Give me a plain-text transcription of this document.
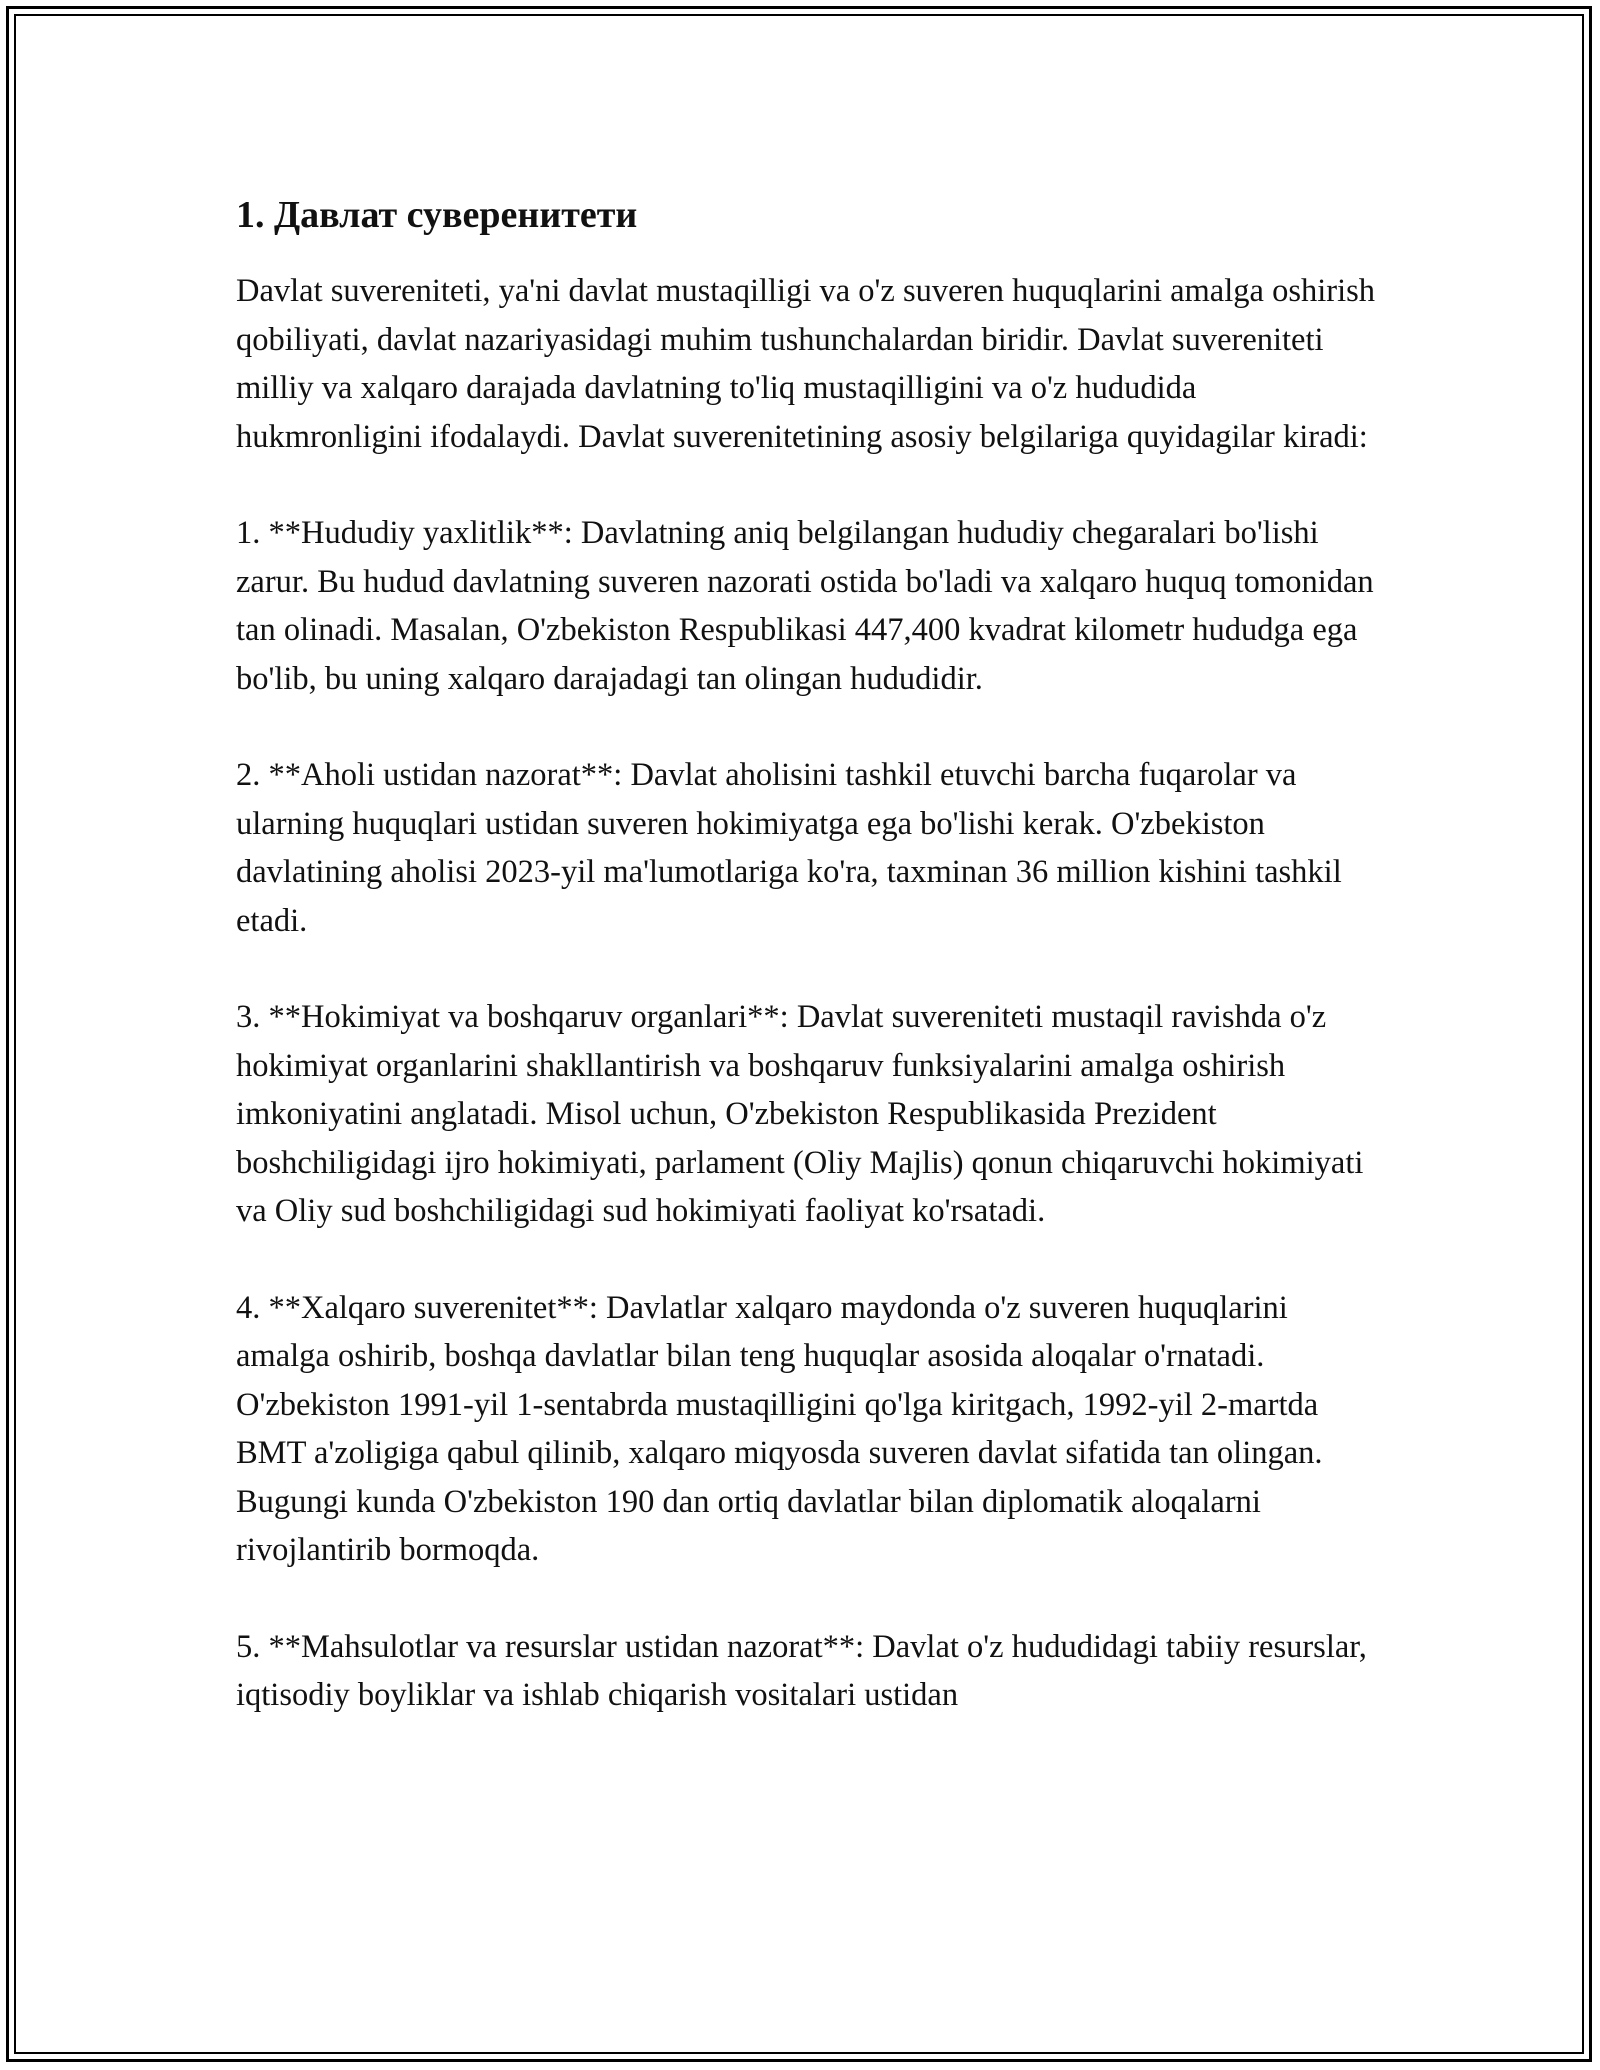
1. Давлат суверенитети

Davlat suvereniteti, ya'ni davlat mustaqilligi va o'z suveren huquqlarini amalga oshirish qobiliyati, davlat nazariyasidagi muhim tushunchalardan biridir. Davlat suvereniteti milliy va xalqaro darajada davlatning to'liq mustaqilligini va o'z hududida hukmronligini ifodalaydi. Davlat suverenitetining asosiy belgilariga quyidagilar kiradi:

1. **Hududiy yaxlitlik**: Davlatning aniq belgilangan hududiy chegaralari bo'lishi zarur. Bu hudud davlatning suveren nazorati ostida bo'ladi va xalqaro huquq tomonidan tan olinadi. Masalan, O'zbekiston Respublikasi 447,400 kvadrat kilometr hududga ega bo'lib, bu uning xalqaro darajadagi tan olingan hududidir.

2. **Aholi ustidan nazorat**: Davlat aholisini tashkil etuvchi barcha fuqarolar va ularning huquqlari ustidan suveren hokimiyatga ega bo'lishi kerak. O'zbekiston davlatining aholisi 2023-yil ma'lumotlariga ko'ra, taxminan 36 million kishini tashkil etadi.

3. **Hokimiyat va boshqaruv organlari**: Davlat suvereniteti mustaqil ravishda o'z hokimiyat organlarini shakllantirish va boshqaruv funksiyalarini amalga oshirish imkoniyatini anglatadi. Misol uchun, O'zbekiston Respublikasida Prezident boshchiligidagi ijro hokimiyati, parlament (Oliy Majlis) qonun chiqaruvchi hokimiyati va Oliy sud boshchiligidagi sud hokimiyati faoliyat ko'rsatadi.

4. **Xalqaro suverenitet**: Davlatlar xalqaro maydonda o'z suveren huquqlarini amalga oshirib, boshqa davlatlar bilan teng huquqlar asosida aloqalar o'rnatadi. O'zbekiston 1991-yil 1-sentabrda mustaqilligini qo'lga kiritgach, 1992-yil 2-martda BMT a'zoligiga qabul qilinib, xalqaro miqyosda suveren davlat sifatida tan olingan. Bugungi kunda O'zbekiston 190 dan ortiq davlatlar bilan diplomatik aloqalarni rivojlantirib bormoqda.

5. **Mahsulotlar va resurslar ustidan nazorat**: Davlat o'z hududidagi tabiiy resurslar, iqtisodiy boyliklar va ishlab chiqarish vositalari ustidan
